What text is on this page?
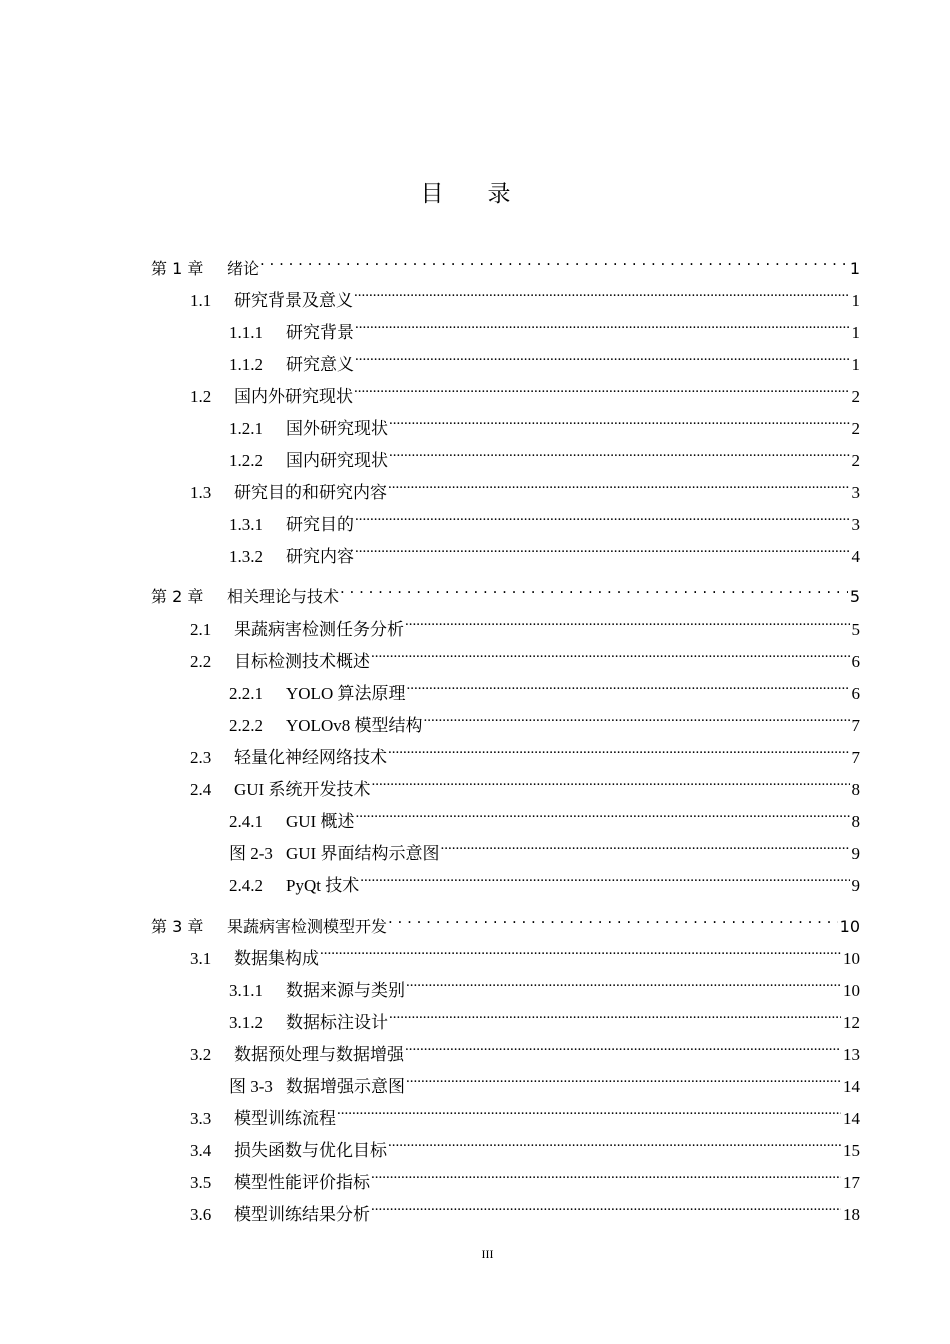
目录
第 1 章	绪论 . . .	1
1.1	研究背景及意义 .....	1
1.1.1	研究背景 .....	1
1.1.2	研究意义 .....	1
1.2	国内外研究现状 .....	2
1.2.1	国外研究现状 .....	2
1.2.2	国内研究现状 .....	2
1.3	研究目的和研究内容 .....	3
1.3.1	研究目的 .....	3
1.3.2	研究内容 .....	4
第 2 章	相关理论与技术 . . .	5
2.1	果蔬病害检测任务分析 .....	5
2.2	目标检测技术概述 .....	6
2.2.1	YOLO 算法原理 .....	6
2.2.2	YOLOv8 模型结构 .....	7
2.3	轻量化神经网络技术 .....	7
2.4	GUI 系统开发技术 .....	8
2.4.1	GUI 概述 .....	8
图 2-3 GUI 界面结构示意图 .....	9
2.4.2	PyQt 技术 .....	9
第 3 章	果蔬病害检测模型开发 . . .	10
3.1	数据集构成 .....	10
3.1.1	数据来源与类别 .....	10
3.1.2	数据标注设计 .....	12
3.2	数据预处理与数据增强 .....	13
图 3-3 数据增强示意图 .....	14
3.3	模型训练流程 .....	14
3.4	损失函数与优化目标 .....	15
3.5	模型性能评价指标 .....	17
3.6	模型训练结果分析 .....	18
III
